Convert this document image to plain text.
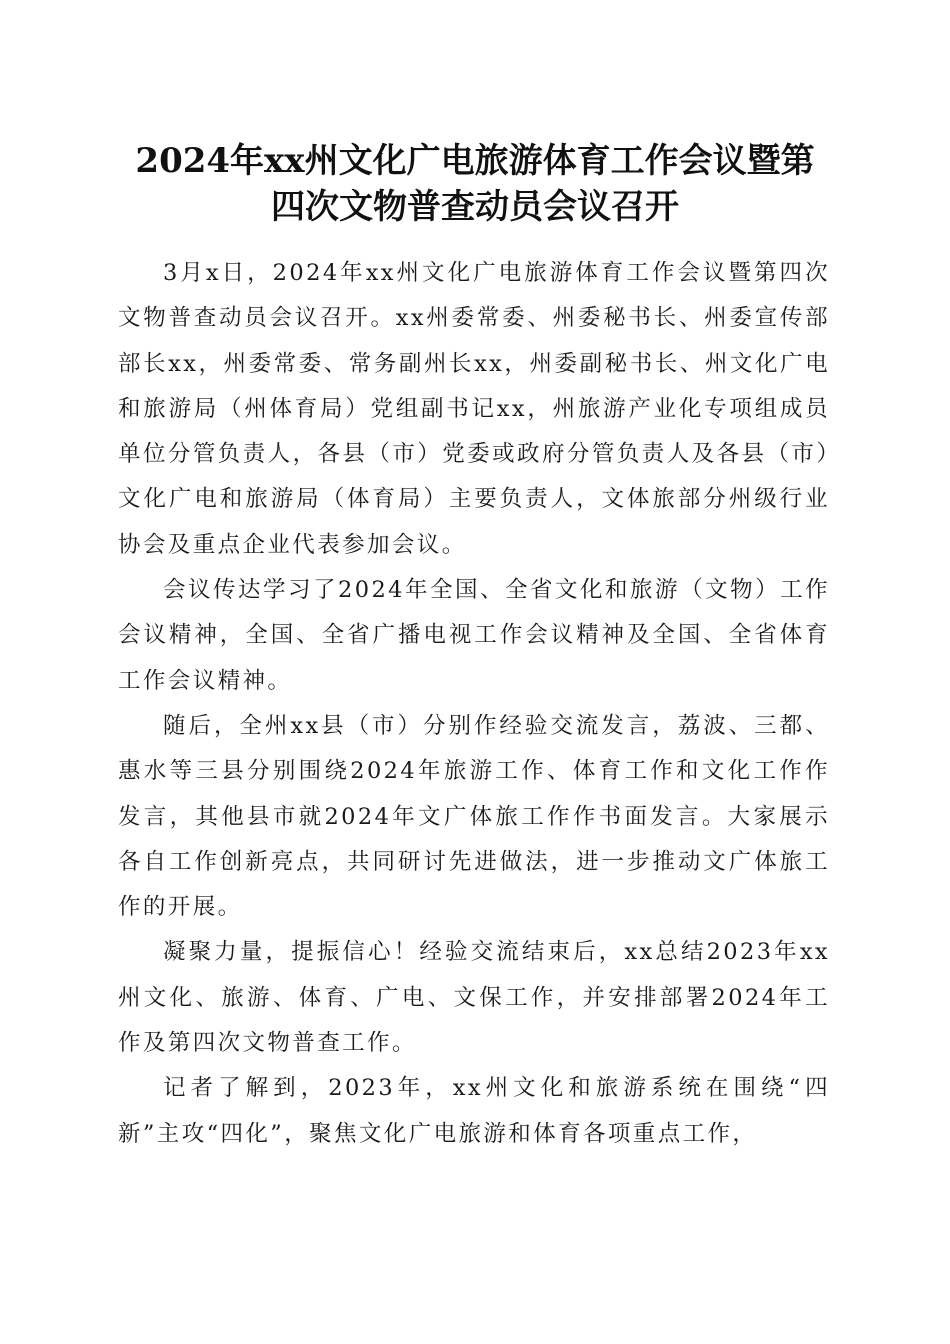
2024年xx州文化广电旅游体育工作会议暨第
四次文物普查动员会议召开

3月x日，2024年xx州文化广电旅游体育工作会议暨第四次文物普查动员会议召开。xx州委常委、州委秘书长、州委宣传部部长xx，州委常委、常务副州长xx，州委副秘书长、州文化广电和旅游局（州体育局）党组副书记xx，州旅游产业化专项组成员单位分管负责人，各县（市）党委或政府分管负责人及各县（市）文化广电和旅游局（体育局）主要负责人，文体旅部分州级行业协会及重点企业代表参加会议。

会议传达学习了2024年全国、全省文化和旅游（文物）工作会议精神，全国、全省广播电视工作会议精神及全国、全省体育工作会议精神。

随后，全州xx县（市）分别作经验交流发言，荔波、三都、惠水等三县分别围绕2024年旅游工作、体育工作和文化工作作发言，其他县市就2024年文广体旅工作作书面发言。大家展示各自工作创新亮点，共同研讨先进做法，进一步推动文广体旅工作的开展。

凝聚力量，提振信心！经验交流结束后，xx总结2023年xx州文化、旅游、体育、广电、文保工作，并安排部署2024年工作及第四次文物普查工作。

记者了解到，2023年，xx州文化和旅游系统在围绕“四新”主攻“四化”，聚焦文化广电旅游和体育各项重点工作，
